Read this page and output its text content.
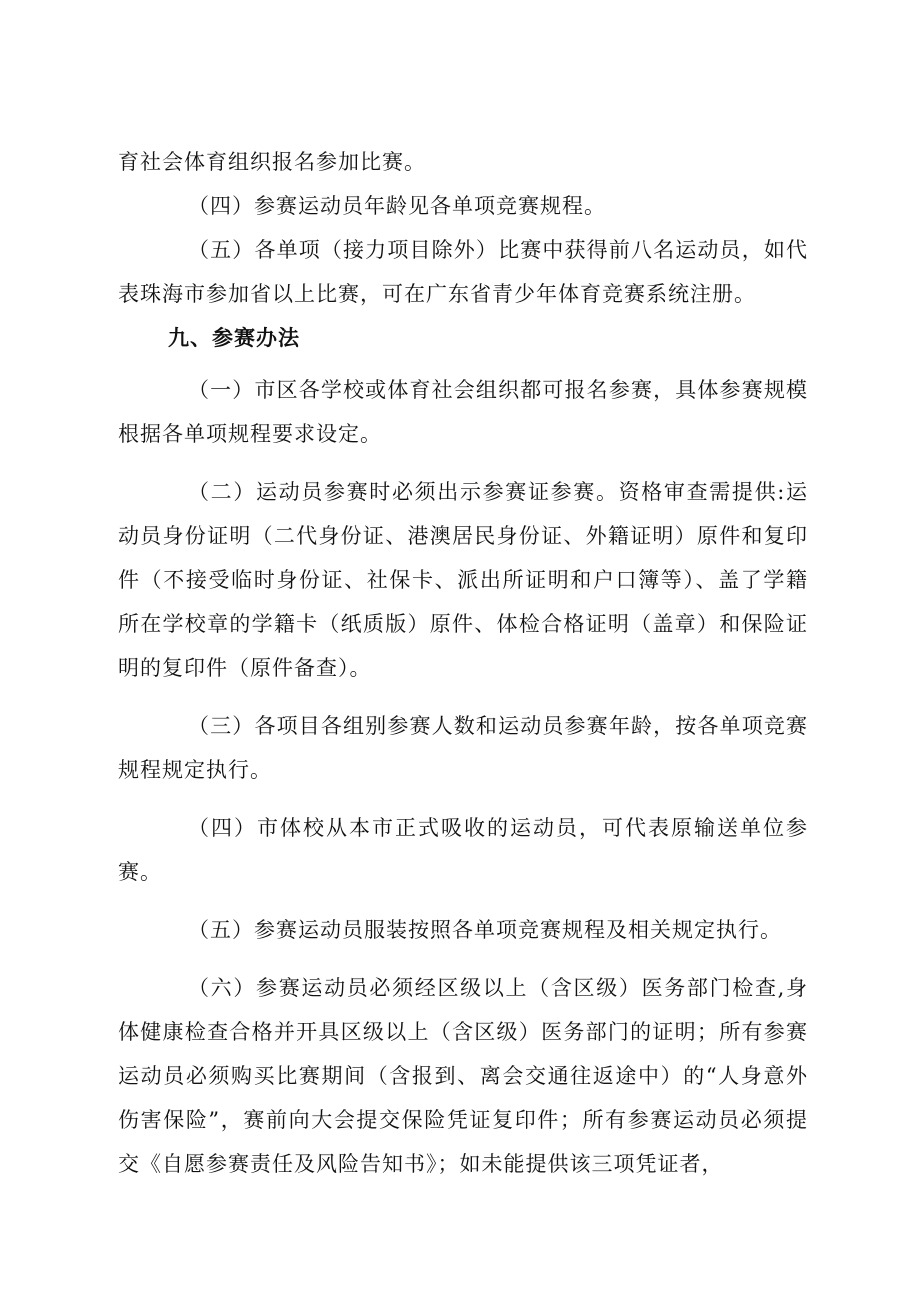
育社会体育组织报名参加比赛。

（四）参赛运动员年龄见各单项竞赛规程。

（五）各单项（接力项目除外）比赛中获得前八名运动员，如代表珠海市参加省以上比赛，可在广东省青少年体育竞赛系统注册。

九、参赛办法

（一）市区各学校或体育社会组织都可报名参赛，具体参赛规模根据各单项规程要求设定。

（二）运动员参赛时必须出示参赛证参赛。资格审查需提供:运动员身份证明（二代身份证、港澳居民身份证、外籍证明）原件和复印件（不接受临时身份证、社保卡、派出所证明和户口簿等）、盖了学籍所在学校章的学籍卡（纸质版）原件、体检合格证明（盖章）和保险证明的复印件（原件备查）。

（三）各项目各组别参赛人数和运动员参赛年龄，按各单项竞赛规程规定执行。

（四）市体校从本市正式吸收的运动员，可代表原输送单位参赛。

（五）参赛运动员服装按照各单项竞赛规程及相关规定执行。

（六）参赛运动员必须经区级以上（含区级）医务部门检查,身体健康检查合格并开具区级以上（含区级）医务部门的证明；所有参赛运动员必须购买比赛期间（含报到、离会交通往返途中）的“人身意外伤害保险”，赛前向大会提交保险凭证复印件；所有参赛运动员必须提交《自愿参赛责任及风险告知书》；如未能提供该三项凭证者，
